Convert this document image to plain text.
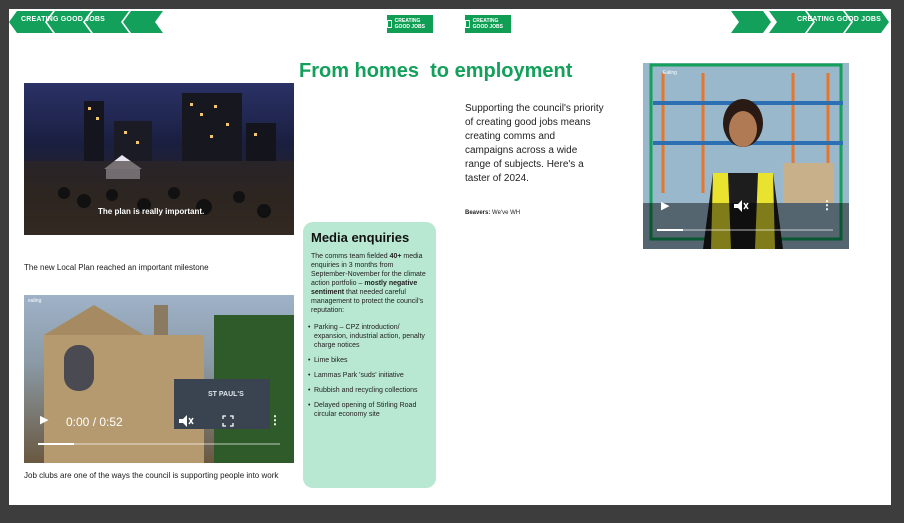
CREATING GOOD JOBS	CREATING GOOD JOBS
CREATING GOOD JOBS
CREATING GOOD JOBS
From homes  to employment
The plan is really important.
The new Local Plan reached an important milestone
ealing
ST PAUL'S
▶ 0:00 / 0:52	⋮
Job clubs are one of the ways the council is supporting people into work
Media enquiries

The comms team fielded 40+ media enquiries in 3 months from September-November for the climate action portfolio – mostly negative sentiment that needed careful management to protect the council's reputation:

• Parking – CPZ introduction/ expansion, industrial action, penalty charge notices
• Lime bikes
• Lammas Park 'suds' initiative
• Rubbish and recycling collections
• Delayed opening of Stirling Road circular economy site
Supporting the council's priority of creating good jobs means creating comms and campaigns across a wide range of subjects. Here's a taster of 2024.
Beavers: We've WH
Ealing
▶	⋮
